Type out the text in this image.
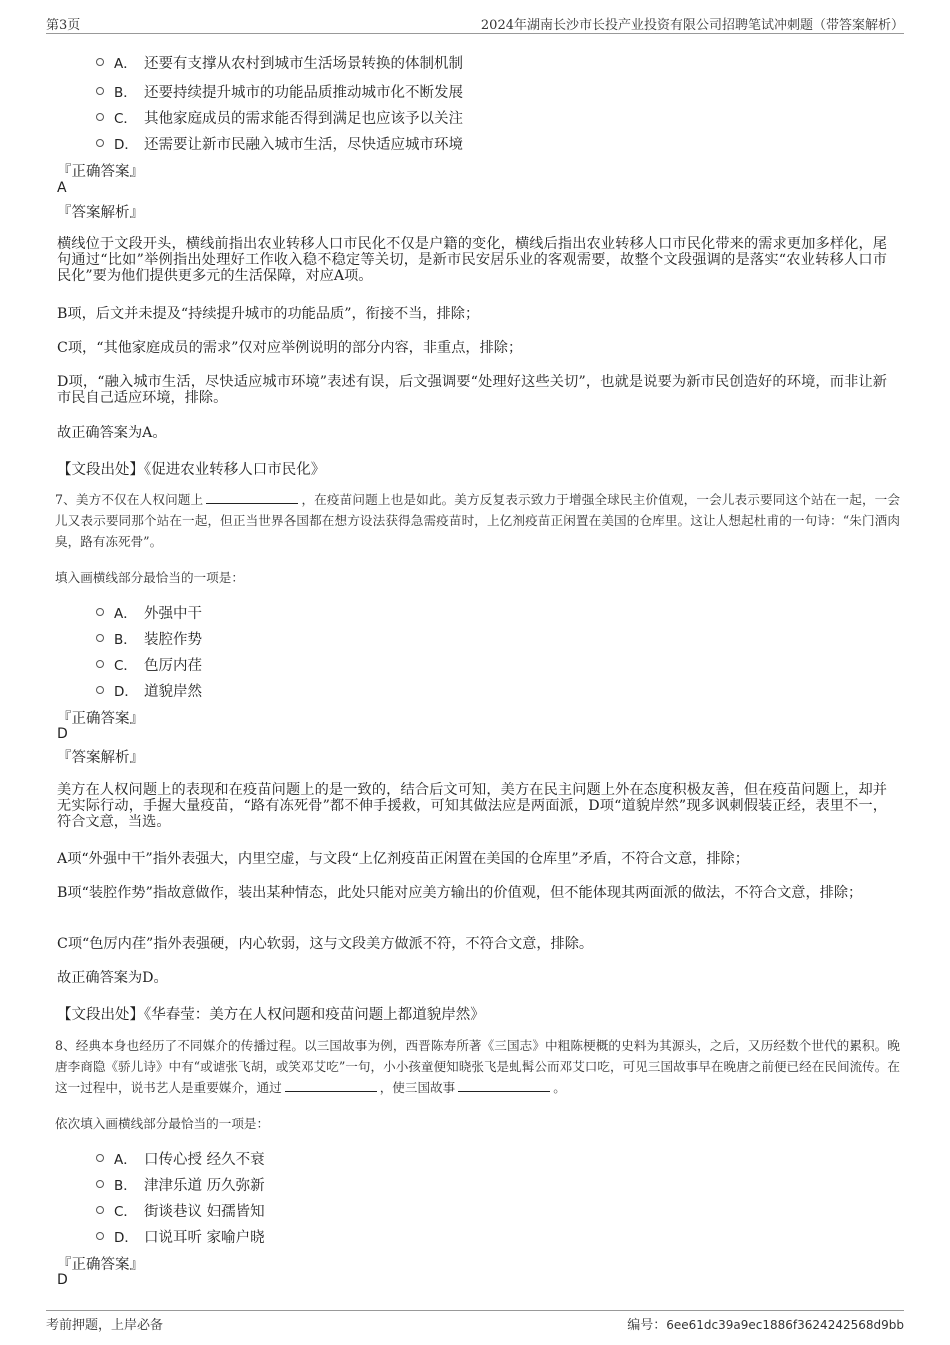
第3页	2024年湖南长沙市长投产业投资有限公司招聘笔试冲刺题（带答案解析）
A． 还要有支撑从农村到城市生活场景转换的体制机制
B． 还要持续提升城市的功能品质推动城市化不断发展
C． 其他家庭成员的需求能否得到满足也应该予以关注
D． 还需要让新市民融入城市生活，尽快适应城市环境
『正确答案』
A
『答案解析』
横线位于文段开头，横线前指出农业转移人口市民化不仅是户籍的变化，横线后指出农业转移人口市民化带来的需求更加多样化，尾句通过“比如”举例指出处理好工作收入稳不稳定等关切，是新市民安居乐业的客观需要，故整个文段强调的是落实“农业转移人口市民化”要为他们提供更多元的生活保障，对应A项。
B项，后文并未提及“持续提升城市的功能品质”，衔接不当，排除；
C项，“其他家庭成员的需求”仅对应举例说明的部分内容，非重点，排除；
D项，“融入城市生活，尽快适应城市环境”表述有误，后文强调要“处理好这些关切”，也就是说要为新市民创造好的环境，而非让新市民自己适应环境，排除。
故正确答案为A。
【文段出处】《促进农业转移人口市民化》
7、美方不仅在人权问题上	，在疫苗问题上也是如此。美方反复表示致力于增强全球民主价值观，一会儿表示要同这个站在一起，一会儿又表示要同那个站在一起，但正当世界各国都在想方设法获得急需疫苗时，上亿剂疫苗正闲置在美国的仓库里。这让人想起杜甫的一句诗：“朱门酒肉臭，路有冻死骨”。
填入画横线部分最恰当的一项是：
A． 外强中干
B． 装腔作势
C． 色厉内荏
D． 道貌岸然
『正确答案』
D
『答案解析』
美方在人权问题上的表现和在疫苗问题上的是一致的，结合后文可知，美方在民主问题上外在态度积极友善，但在疫苗问题上，却并无实际行动，手握大量疫苗，“路有冻死骨”都不伸手援救，可知其做法应是两面派，D项“道貌岸然”现多讽刺假装正经，表里不一，符合文意，当选。
A项“外强中干”指外表强大，内里空虚，与文段“上亿剂疫苗正闲置在美国的仓库里”矛盾，不符合文意，排除；
B项“装腔作势”指故意做作，装出某种情态，此处只能对应美方输出的价值观，但不能体现其两面派的做法，不符合文意，排除；
C项“色厉内荏”指外表强硬，内心软弱，这与文段美方做派不符，不符合文意，排除。
故正确答案为D。
【文段出处】《华春莹：美方在人权问题和疫苗问题上都道貌岸然》
8、经典本身也经历了不同媒介的传播过程。以三国故事为例，西晋陈寿所著《三国志》中粗陈梗概的史料为其源头，之后，又历经数个世代的累积。晚唐李商隐《骄儿诗》中有“或谑张飞胡，或笑邓艾吃”一句，小小孩童便知晓张飞是虬髯公而邓艾口吃，可见三国故事早在晚唐之前便已经在民间流传。在这一过程中，说书艺人是重要媒介，通过	，使三国故事	。
依次填入画横线部分最恰当的一项是：
A． 口传心授 经久不衰
B． 津津乐道 历久弥新
C． 街谈巷议 妇孺皆知
D． 口说耳听 家喻户晓
『正确答案』
D
考前押题，上岸必备	编号：6ee61dc39a9ec1886f3624242568d9bb
